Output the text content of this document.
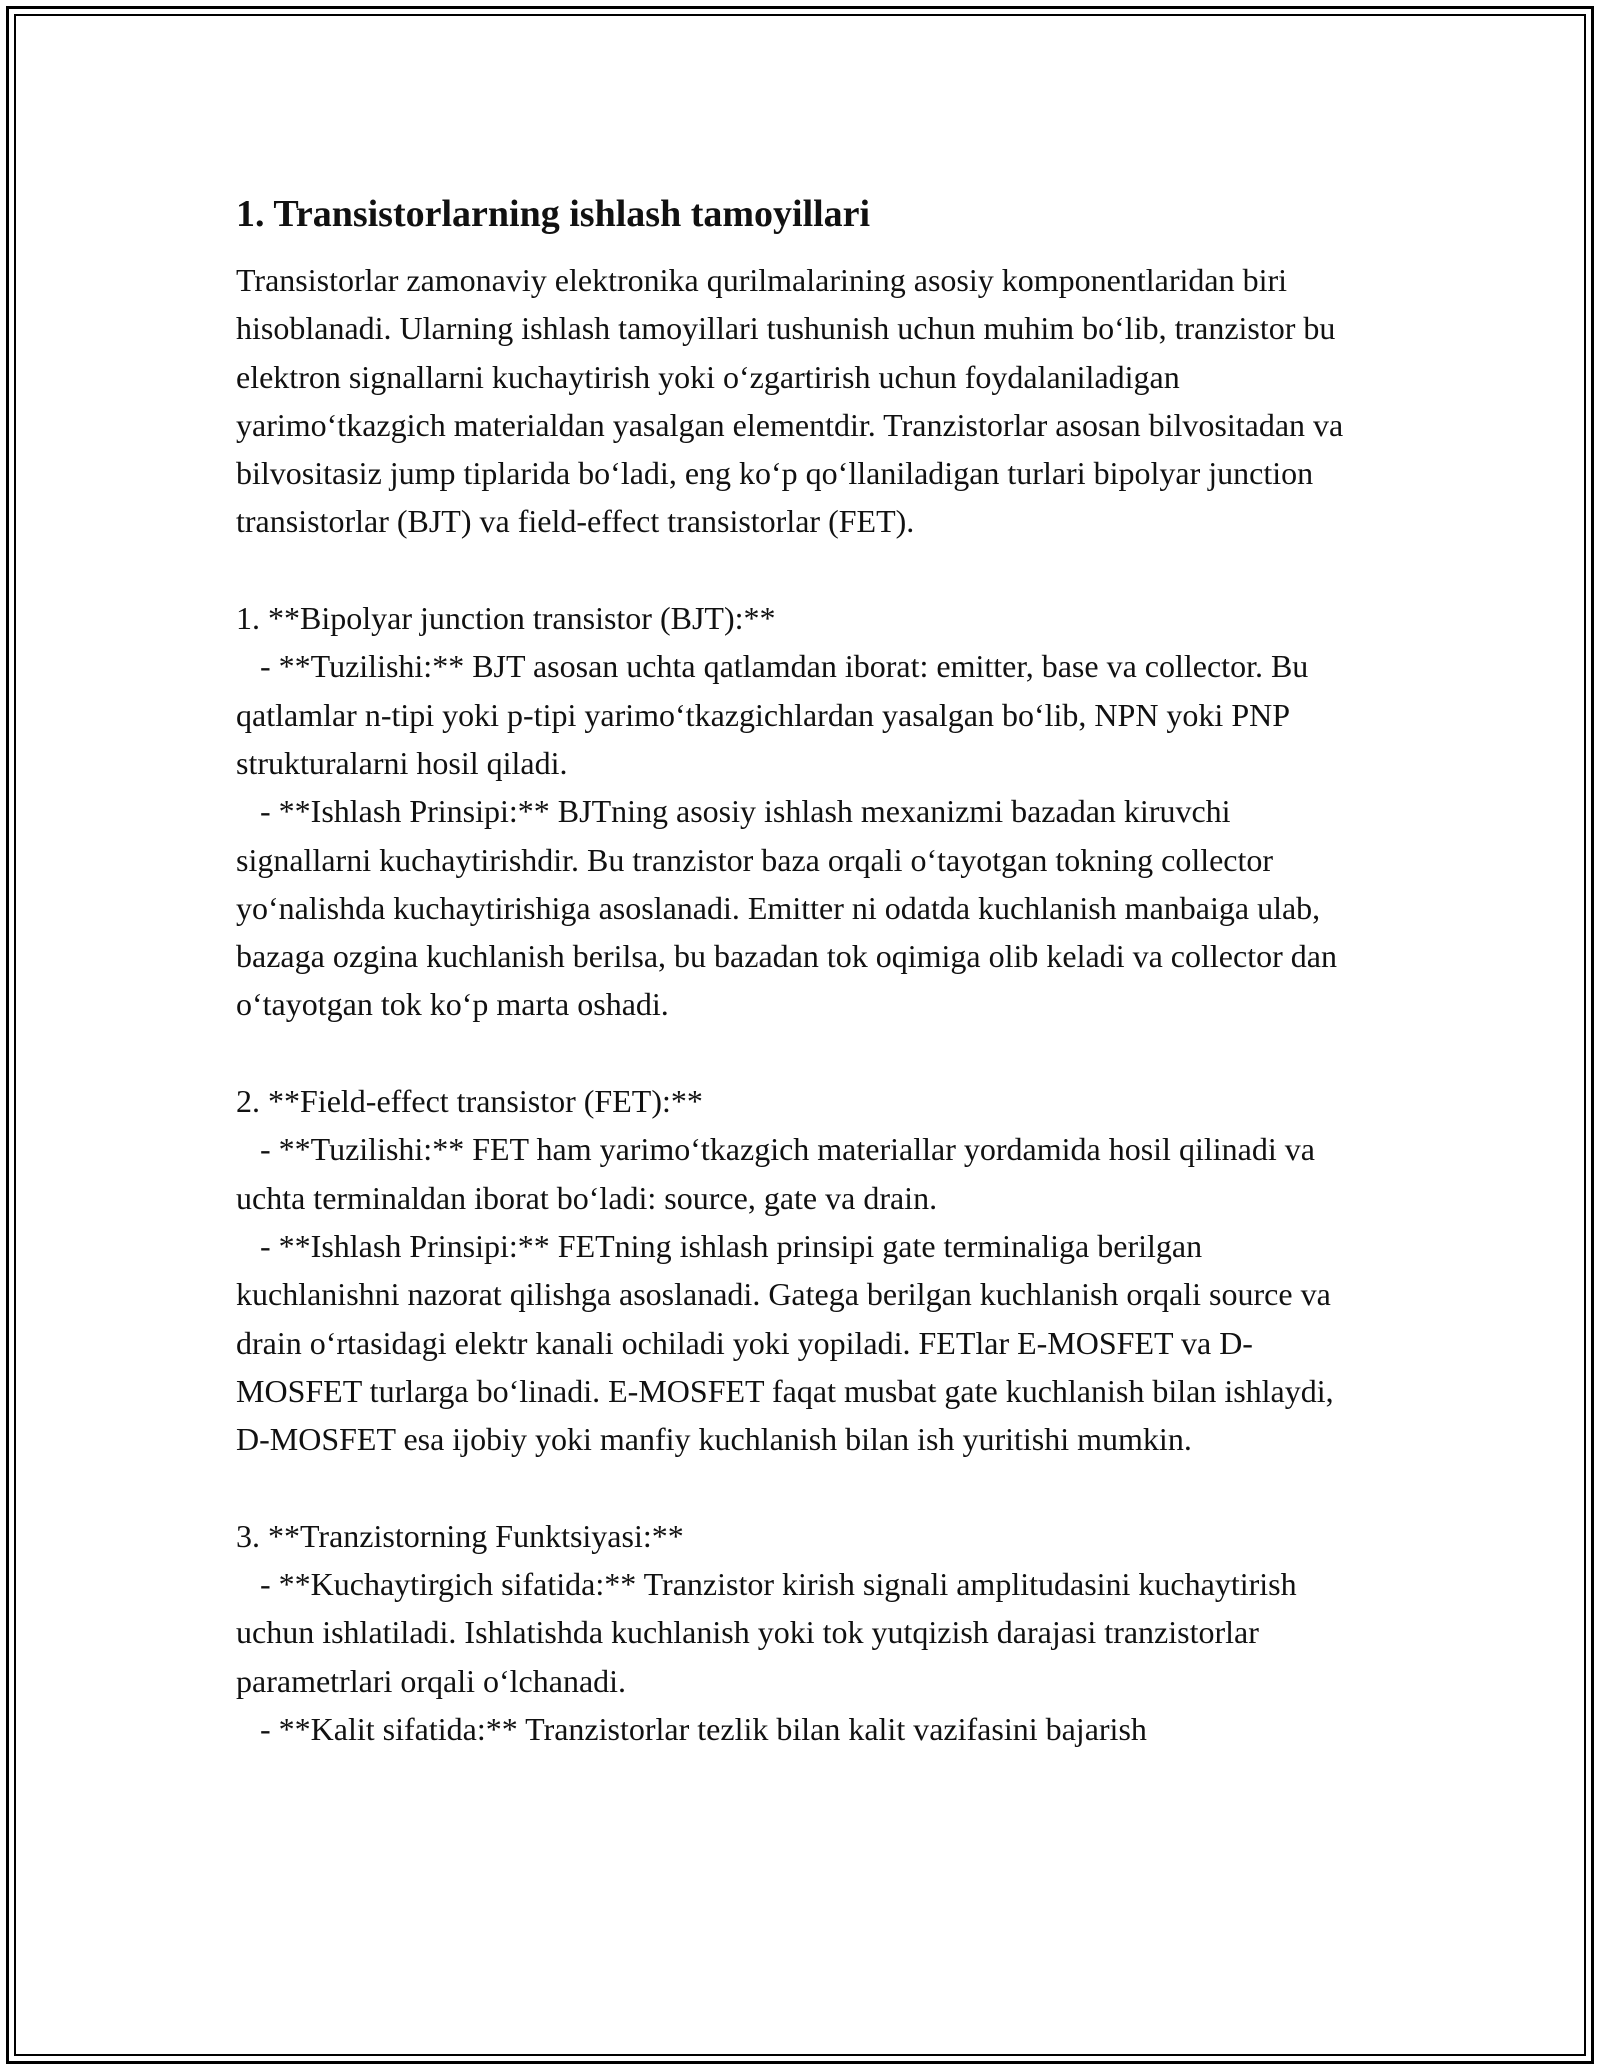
1. Transistorlarning ishlash tamoyillari

Transistorlar zamonaviy elektronika qurilmalarining asosiy komponentlaridan biri hisoblanadi. Ularning ishlash tamoyillari tushunish uchun muhim bo‘lib, tranzistor bu elektron signallarni kuchaytirish yoki o‘zgartirish uchun foydalaniladigan yarimo‘tkazgich materialdan yasalgan elementdir. Tranzistorlar asosan bilvositadan va bilvositasiz jump tiplarida bo‘ladi, eng ko‘p qo‘llaniladigan turlari bipolyar junction transistorlar (BJT) va field-effect transistorlar (FET).

1. **Bipolyar junction transistor (BJT):**

- **Tuzilishi:** BJT asosan uchta qatlamdan iborat: emitter, base va collector. Bu qatlamlar n-tipi yoki p-tipi yarimo‘tkazgichlardan yasalgan bo‘lib, NPN yoki PNP strukturalarni hosil qiladi.

- **Ishlash Prinsipi:** BJTning asosiy ishlash mexanizmi bazadan kiruvchi signallarni kuchaytirishdir. Bu tranzistor baza orqali o‘tayotgan tokning collector yo‘nalishda kuchaytirishiga asoslanadi. Emitter ni odatda kuchlanish manbaiga ulab, bazaga ozgina kuchlanish berilsa, bu bazadan tok oqimiga olib keladi va collector dan o‘tayotgan tok ko‘p marta oshadi.

2. **Field-effect transistor (FET):**

- **Tuzilishi:** FET ham yarimo‘tkazgich materiallar yordamida hosil qilinadi va uchta terminaldan iborat bo‘ladi: source, gate va drain.

- **Ishlash Prinsipi:** FETning ishlash prinsipi gate terminaliga berilgan kuchlanishni nazorat qilishga asoslanadi. Gatega berilgan kuchlanish orqali source va drain o‘rtasidagi elektr kanali ochiladi yoki yopiladi. FETlar E-MOSFET va D-MOSFET turlarga bo‘linadi. E-MOSFET faqat musbat gate kuchlanish bilan ishlaydi, D-MOSFET esa ijobiy yoki manfiy kuchlanish bilan ish yuritishi mumkin.

3. **Tranzistorning Funktsiyasi:**

- **Kuchaytirgich sifatida:** Tranzistor kirish signali amplitudasini kuchaytirish uchun ishlatiladi. Ishlatishda kuchlanish yoki tok yutqizish darajasi tranzistorlar parametrlari orqali o‘lchanadi.

- **Kalit sifatida:** Tranzistorlar tezlik bilan kalit vazifasini bajarish
